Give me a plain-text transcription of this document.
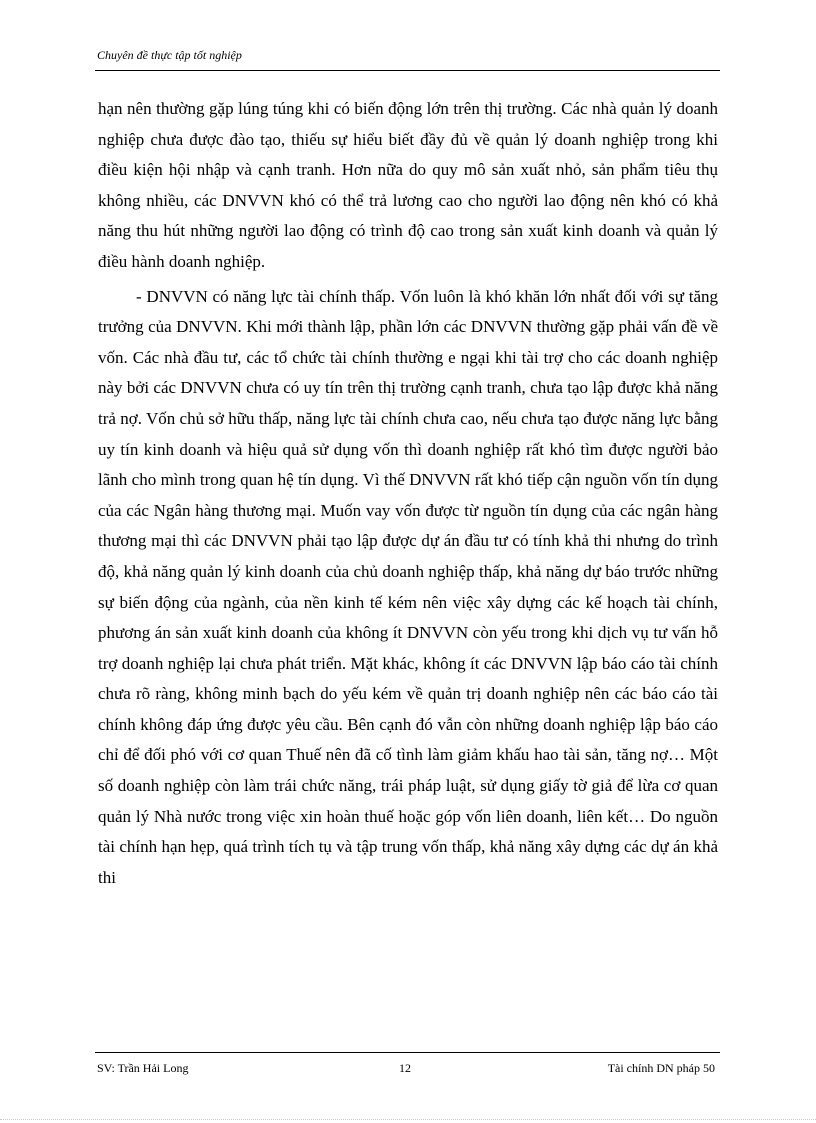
Chuyên đề thực tập tốt nghiệp

hạn nên thường gặp lúng túng khi có biến động lớn trên thị trường. Các nhà quản lý doanh nghiệp chưa được đào tạo, thiếu sự hiểu biết đầy đủ về quản lý doanh nghiệp trong khi điều kiện hội nhập và cạnh tranh. Hơn nữa do quy mô sản xuất nhỏ, sản phẩm tiêu thụ không nhiều, các DNVVN khó có thể trả lương cao cho người lao động nên khó có khả năng thu hút những người lao động có trình độ cao trong sản xuất kinh doanh và quản lý điều hành doanh nghiệp.

- DNVVN có năng lực tài chính thấp. Vốn luôn là khó khăn lớn nhất đối với sự tăng trưởng của DNVVN. Khi mới thành lập, phần lớn các DNVVN thường gặp phải vấn đề về vốn. Các nhà đầu tư, các tổ chức tài chính thường e ngại khi tài trợ cho các doanh nghiệp này bởi các DNVVN chưa có uy tín trên thị trường cạnh tranh, chưa tạo lập được khả năng trả nợ. Vốn chủ sở hữu thấp, năng lực tài chính chưa cao, nếu chưa tạo được năng lực bằng uy tín kinh doanh và hiệu quả sử dụng vốn thì doanh nghiệp rất khó tìm được người bảo lãnh cho mình trong quan hệ tín dụng. Vì thế DNVVN rất khó tiếp cận nguồn vốn tín dụng của các Ngân hàng thương mại. Muốn vay vốn được từ nguồn tín dụng của các ngân hàng thương mại thì các DNVVN phải tạo lập được dự án đầu tư có tính khả thi nhưng do trình độ, khả năng quản lý kinh doanh của chủ doanh nghiệp thấp, khả năng dự báo trước những sự biến động của ngành, của nền kinh tế kém nên việc xây dựng các kế hoạch tài chính, phương án sản xuất kinh doanh của không ít DNVVN còn yếu trong khi dịch vụ tư vấn hỗ trợ doanh nghiệp lại chưa phát triển. Mặt khác, không ít các DNVVN lập báo cáo tài chính chưa rõ ràng, không minh bạch do yếu kém về quản trị doanh nghiệp nên các báo cáo tài chính không đáp ứng được yêu cầu. Bên cạnh đó vẫn còn những doanh nghiệp lập báo cáo chỉ để đối phó với cơ quan Thuế nên đã cố tình làm giảm khấu hao tài sản, tăng nợ… Một số doanh nghiệp còn làm trái chức năng, trái pháp luật, sử dụng giấy tờ giả để lừa cơ quan quản lý Nhà nước trong việc xin hoàn thuế hoặc góp vốn liên doanh, liên kết… Do nguồn tài chính hạn hẹp, quá trình tích tụ và tập trung vốn thấp, khả năng xây dựng các dự án khả thi

SV: Trần Hải Long	12	Tài chính DN pháp 50
